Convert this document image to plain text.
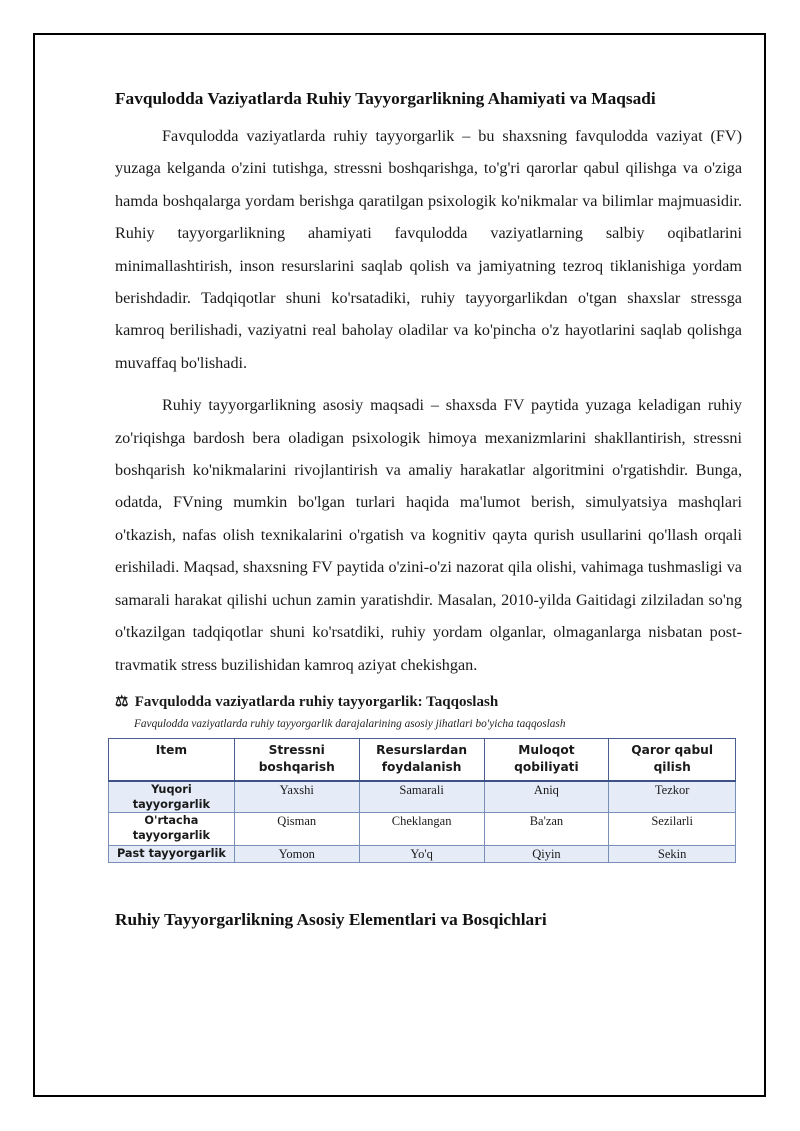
Favqulodda Vaziyatlarda Ruhiy Tayyorgarlikning Ahamiyati va Maqsadi

Favqulodda vaziyatlarda ruhiy tayyorgarlik – bu shaxsning favqulodda vaziyat (FV) yuzaga kelganda o'zini tutishga, stressni boshqarishga, to'g'ri qarorlar qabul qilishga va o'ziga hamda boshqalarga yordam berishga qaratilgan psixologik ko'nikmalar va bilimlar majmuasidir. Ruhiy tayyorgarlikning ahamiyati favqulodda vaziyatlarning salbiy oqibatlarini minimallashtirish, inson resurslarini saqlab qolish va jamiyatning tezroq tiklanishiga yordam berishdadir. Tadqiqotlar shuni ko'rsatadiki, ruhiy tayyorgarlikdan o'tgan shaxslar stressga kamroq berilishadi, vaziyatni real baholay oladilar va ko'pincha o'z hayotlarini saqlab qolishga muvaffaq bo'lishadi.

Ruhiy tayyorgarlikning asosiy maqsadi – shaxsda FV paytida yuzaga keladigan ruhiy zo'riqishga bardosh bera oladigan psixologik himoya mexanizmlarini shakllantirish, stressni boshqarish ko'nikmalarini rivojlantirish va amaliy harakatlar algoritmini o'rgatishdir. Bunga, odatda, FVning mumkin bo'lgan turlari haqida ma'lumot berish, simulyatsiya mashqlari o'tkazish, nafas olish texnikalarini o'rgatish va kognitiv qayta qurish usullarini qo'llash orqali erishiladi. Maqsad, shaxsning FV paytida o'zini-o'zi nazorat qila olishi, vahimaga tushmasligi va samarali harakat qilishi uchun zamin yaratishdir. Masalan, 2010-yilda Gaitidagi zilziladan so'ng o'tkazilgan tadqiqotlar shuni ko'rsatdiki, ruhiy yordam olganlar, olmaganlarga nisbatan post-travmatik stress buzilishidan kamroq aziyat chekishgan.

⚖ Favqulodda vaziyatlarda ruhiy tayyorgarlik: Taqqoslash
Favqulodda vaziyatlarda ruhiy tayyorgarlik darajalarining asosiy jihatlari bo'yicha taqqoslash
Item	Stressni boshqarish	Resurslardan foydalanish	Muloqot qobiliyati	Qaror qabul qilish
Yuqori tayyorgarlik	Yaxshi	Samarali	Aniq	Tezkor
O'rtacha tayyorgarlik	Qisman	Cheklangan	Ba'zan	Sezilarli
Past tayyorgarlik	Yomon	Yo'q	Qiyin	Sekin
Ruhiy Tayyorgarlikning Asosiy Elementlari va Bosqichlari
